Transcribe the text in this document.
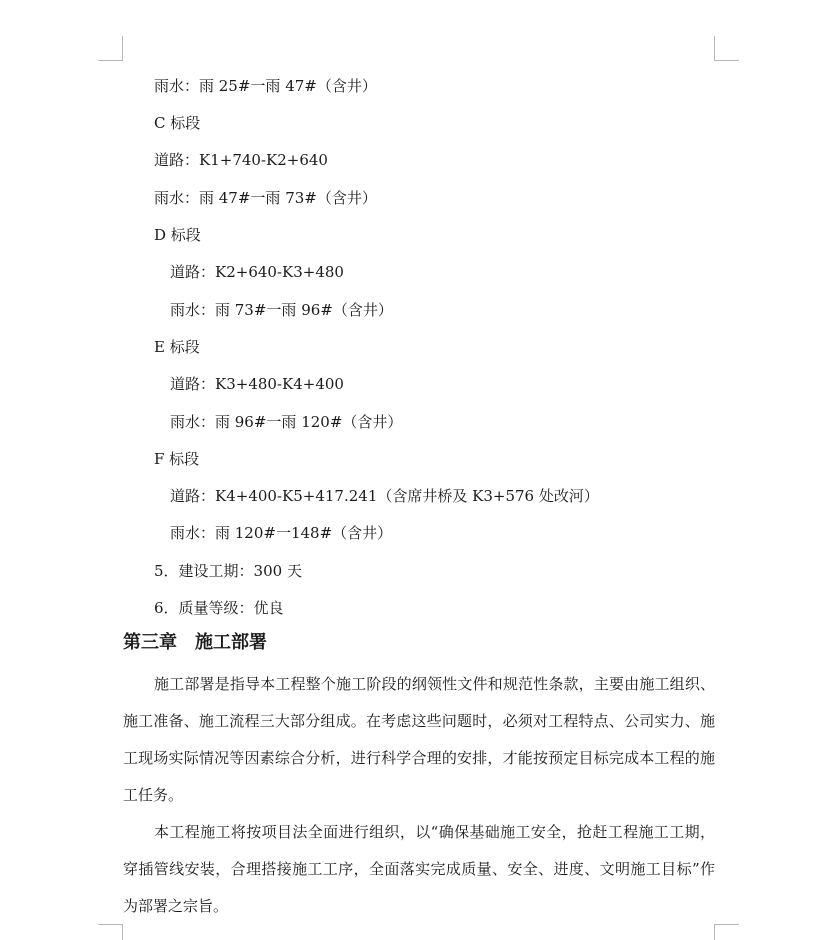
雨水：雨 25#一雨 47#（含井）
C 标段
道路：K1+740-K2+640
雨水：雨 47#一雨 73#（含井）
D 标段
道路：K2+640-K3+480
雨水：雨 73#一雨 96#（含井）
E 标段
道路：K3+480-K4+400
雨水：雨 96#一雨 120#（含井）
F 标段
道路：K4+400-K5+417.241（含席井桥及 K3+576 处改河）
雨水：雨 120#一148#（含井）
5．建设工期：300 天
6．质量等级：优良
第三章　施工部署
施工部署是指导本工程整个施工阶段的纲领性文件和规范性条款，主要由施工组织、施工准备、施工流程三大部分组成。在考虑这些问题时，必须对工程特点、公司实力、施工现场实际情况等因素综合分析，进行科学合理的安排，才能按预定目标完成本工程的施工任务。
本工程施工将按项目法全面进行组织，以“确保基础施工安全，抢赶工程施工工期，穿插管线安装，合理搭接施工工序，全面落实完成质量、安全、进度、文明施工目标”作为部署之宗旨。
